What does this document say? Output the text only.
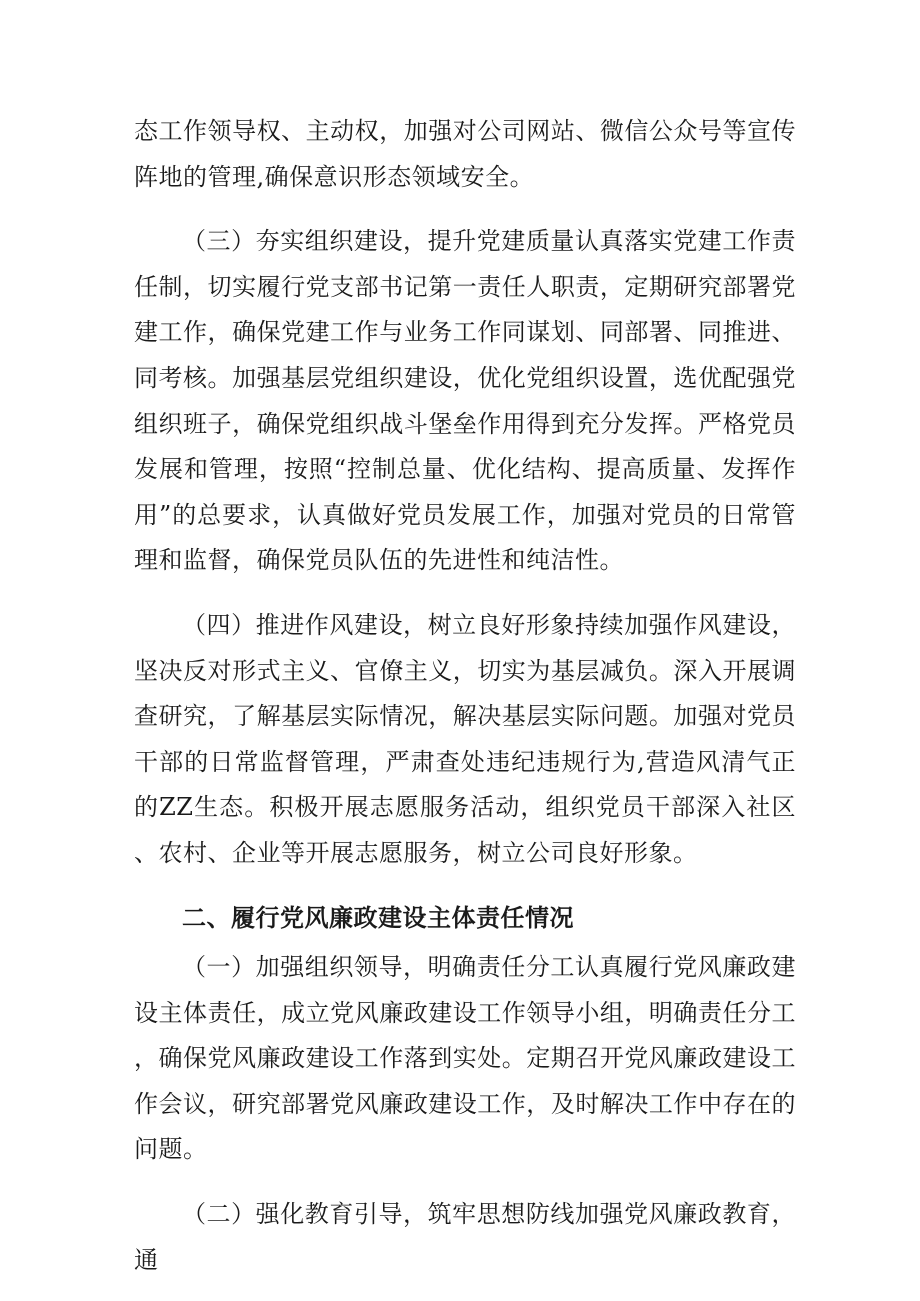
态工作领导权、主动权，加强对公司网站、微信公众号等宣传阵地的管理,确保意识形态领域安全。

（三）夯实组织建设，提升党建质量认真落实党建工作责任制，切实履行党支部书记第一责任人职责，定期研究部署党建工作，确保党建工作与业务工作同谋划、同部署、同推进、同考核。加强基层党组织建设，优化党组织设置，选优配强党组织班子，确保党组织战斗堡垒作用得到充分发挥。严格党员发展和管理，按照“控制总量、优化结构、提高质量、发挥作用”的总要求，认真做好党员发展工作，加强对党员的日常管理和监督，确保党员队伍的先进性和纯洁性。

（四）推进作风建设，树立良好形象持续加强作风建设，坚决反对形式主义、官僚主义，切实为基层减负。深入开展调查研究，了解基层实际情况，解决基层实际问题。加强对党员干部的日常监督管理，严肃查处违纪违规行为,营造风清气正的ZZ生态。积极开展志愿服务活动，组织党员干部深入社区、农村、企业等开展志愿服务，树立公司良好形象。

二、履行党风廉政建设主体责任情况

（一）加强组织领导，明确责任分工认真履行党风廉政建设主体责任，成立党风廉政建设工作领导小组，明确责任分工，确保党风廉政建设工作落到实处。定期召开党风廉政建设工作会议，研究部署党风廉政建设工作，及时解决工作中存在的问题。

（二）强化教育引导，筑牢思想防线加强党风廉政教育，通
